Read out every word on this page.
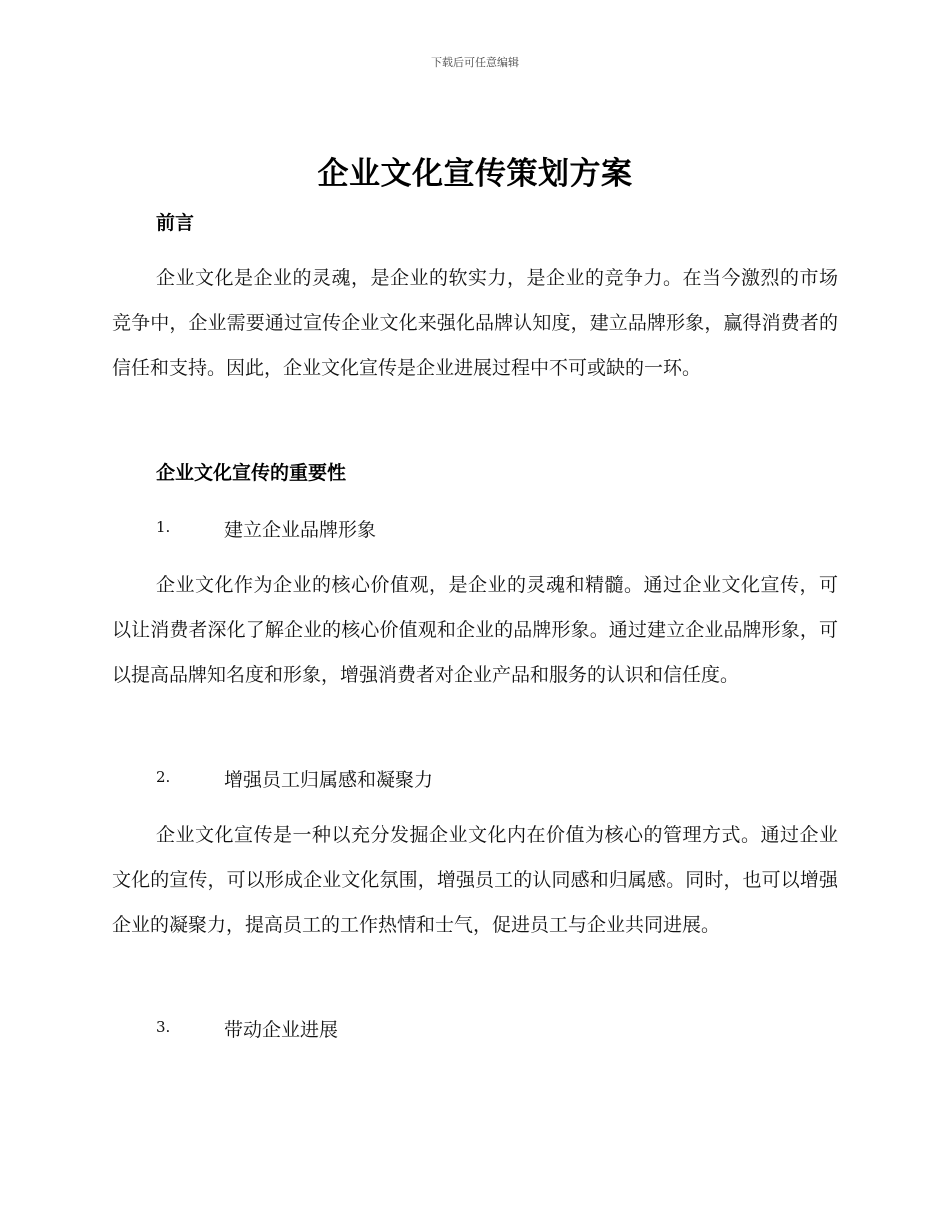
下载后可任意编辑
企业文化宣传策划方案
前言
企业文化是企业的灵魂，是企业的软实力，是企业的竞争力。在当今激烈的市场竞争中，企业需要通过宣传企业文化来强化品牌认知度，建立品牌形象，赢得消费者的信任和支持。因此，企业文化宣传是企业进展过程中不可或缺的一环。
企业文化宣传的重要性
1.	建立企业品牌形象
企业文化作为企业的核心价值观，是企业的灵魂和精髓。通过企业文化宣传，可以让消费者深化了解企业的核心价值观和企业的品牌形象。通过建立企业品牌形象，可以提高品牌知名度和形象，增强消费者对企业产品和服务的认识和信任度。
2.	增强员工归属感和凝聚力
企业文化宣传是一种以充分发掘企业文化内在价值为核心的管理方式。通过企业文化的宣传，可以形成企业文化氛围，增强员工的认同感和归属感。同时，也可以增强企业的凝聚力，提高员工的工作热情和士气，促进员工与企业共同进展。
3.	带动企业进展
